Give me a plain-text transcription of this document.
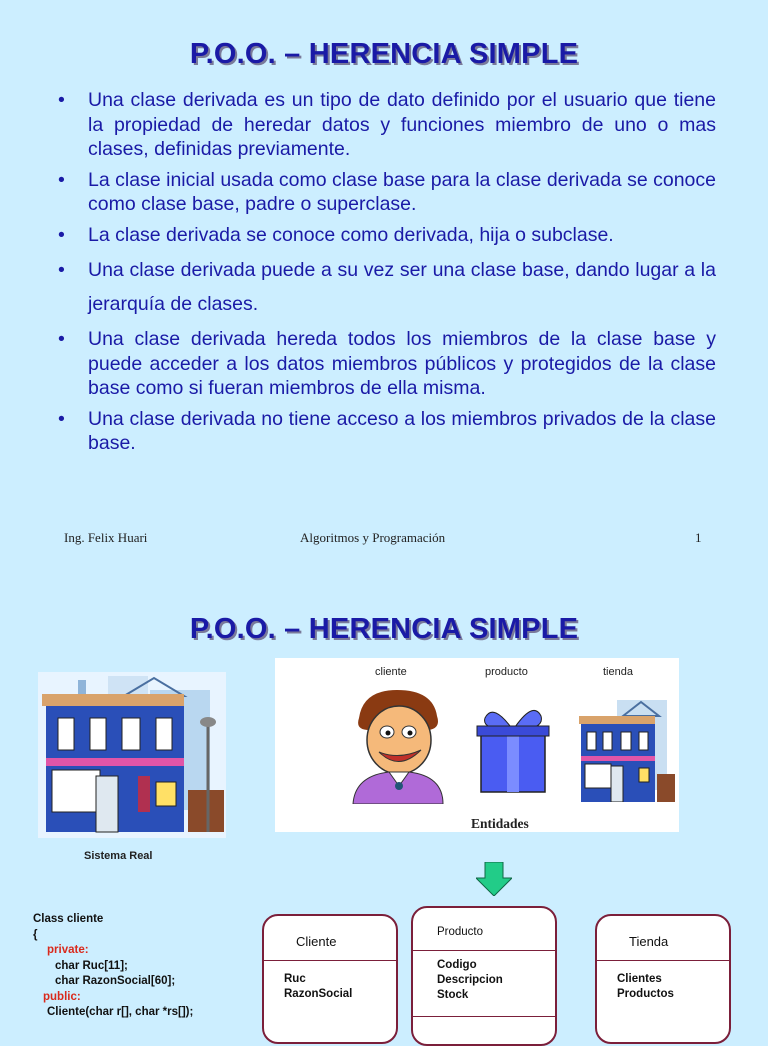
P.O.O. – HERENCIA SIMPLE
• Una clase derivada es un tipo de dato definido por el usuario que tiene la propiedad de heredar datos y funciones miembro de uno o mas clases, definidas previamente.
• La clase inicial usada como clase base para la clase derivada se conoce como clase base, padre o superclase.
• La clase derivada se conoce como derivada, hija o subclase.
• Una clase derivada puede a su vez ser una clase base, dando lugar a la jerarquía de clases.
• Una clase derivada hereda todos los miembros de la clase base y puede acceder a los datos miembros públicos y protegidos de la clase base como si fueran miembros de ella misma.
• Una clase derivada no tiene acceso a los miembros privados de la clase base.
Ing. Felix Huari	Algoritmos y Programación	1
P.O.O. – HERENCIA SIMPLE
Sistema Real
cliente	producto	tienda
Entidades
Class cliente
{
private:
char Ruc[11];
char RazonSocial[60];
public:
Cliente(char r[], char *rs[]);
Cliente
Ruc
RazonSocial
Producto
Codigo
Descripcion
Stock
Tienda
Clientes
Productos
